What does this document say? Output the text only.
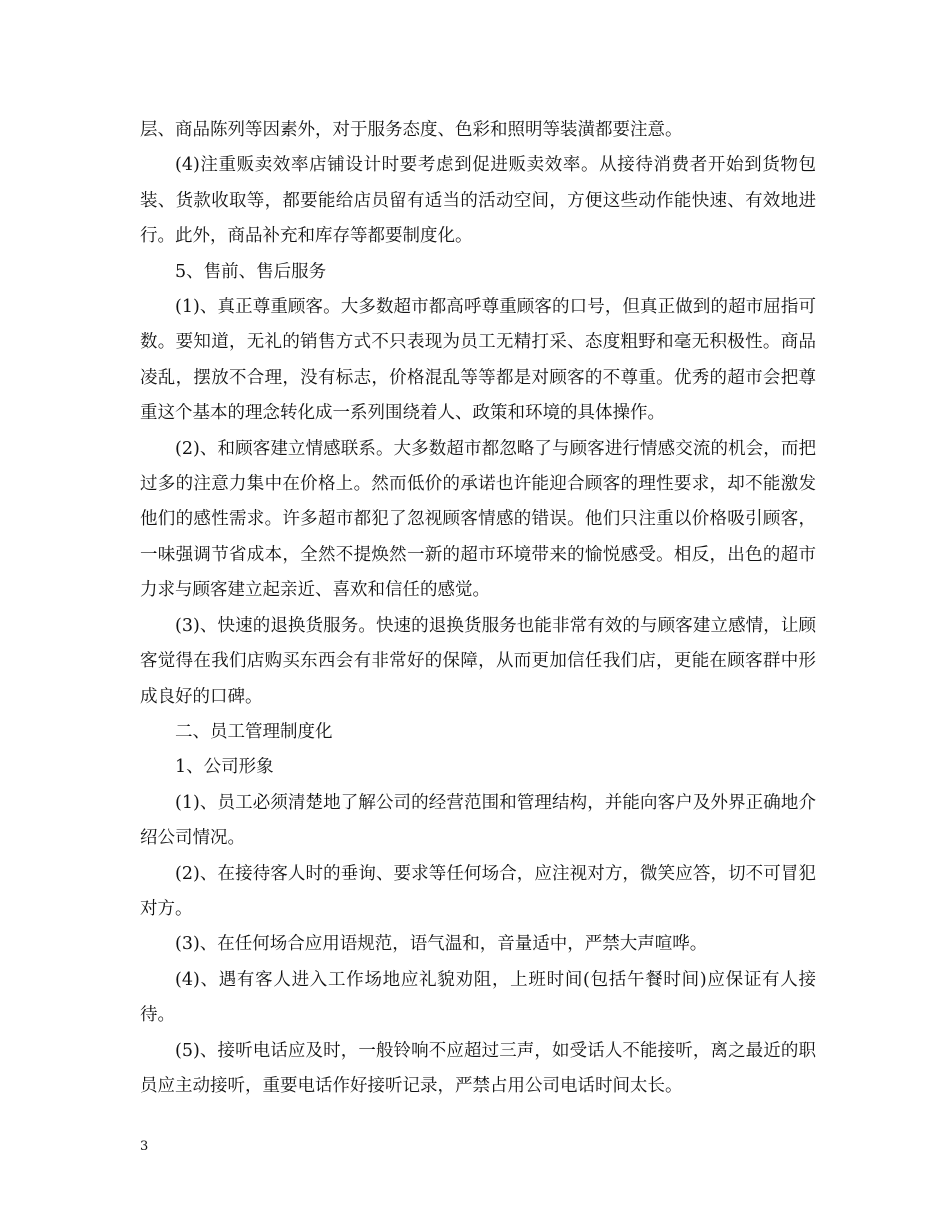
层、商品陈列等因素外，对于服务态度、色彩和照明等装潢都要注意。

(4)注重贩卖效率店铺设计时要考虑到促进贩卖效率。从接待消费者开始到货物包装、货款收取等，都要能给店员留有适当的活动空间，方便这些动作能快速、有效地进行。此外，商品补充和库存等都要制度化。

5、售前、售后服务

(1)、真正尊重顾客。大多数超市都高呼尊重顾客的口号，但真正做到的超市屈指可数。要知道，无礼的销售方式不只表现为员工无精打采、态度粗野和毫无积极性。商品凌乱，摆放不合理，没有标志，价格混乱等等都是对顾客的不尊重。优秀的超市会把尊重这个基本的理念转化成一系列围绕着人、政策和环境的具体操作。

(2)、和顾客建立情感联系。大多数超市都忽略了与顾客进行情感交流的机会，而把过多的注意力集中在价格上。然而低价的承诺也许能迎合顾客的理性要求，却不能激发他们的感性需求。许多超市都犯了忽视顾客情感的错误。他们只注重以价格吸引顾客，一味强调节省成本，全然不提焕然一新的超市环境带来的愉悦感受。相反，出色的超市力求与顾客建立起亲近、喜欢和信任的感觉。

(3)、快速的退换货服务。快速的退换货服务也能非常有效的与顾客建立感情，让顾客觉得在我们店购买东西会有非常好的保障，从而更加信任我们店，更能在顾客群中形成良好的口碑。

二、员工管理制度化

1、公司形象

(1)、员工必须清楚地了解公司的经营范围和管理结构，并能向客户及外界正确地介绍公司情况。

(2)、在接待客人时的垂询、要求等任何场合，应注视对方，微笑应答，切不可冒犯对方。

(3)、在任何场合应用语规范，语气温和，音量适中，严禁大声喧哗。

(4)、遇有客人进入工作场地应礼貌劝阻，上班时间(包括午餐时间)应保证有人接待。

(5)、接听电话应及时，一般铃响不应超过三声，如受话人不能接听，离之最近的职员应主动接听，重要电话作好接听记录，严禁占用公司电话时间太长。

3
